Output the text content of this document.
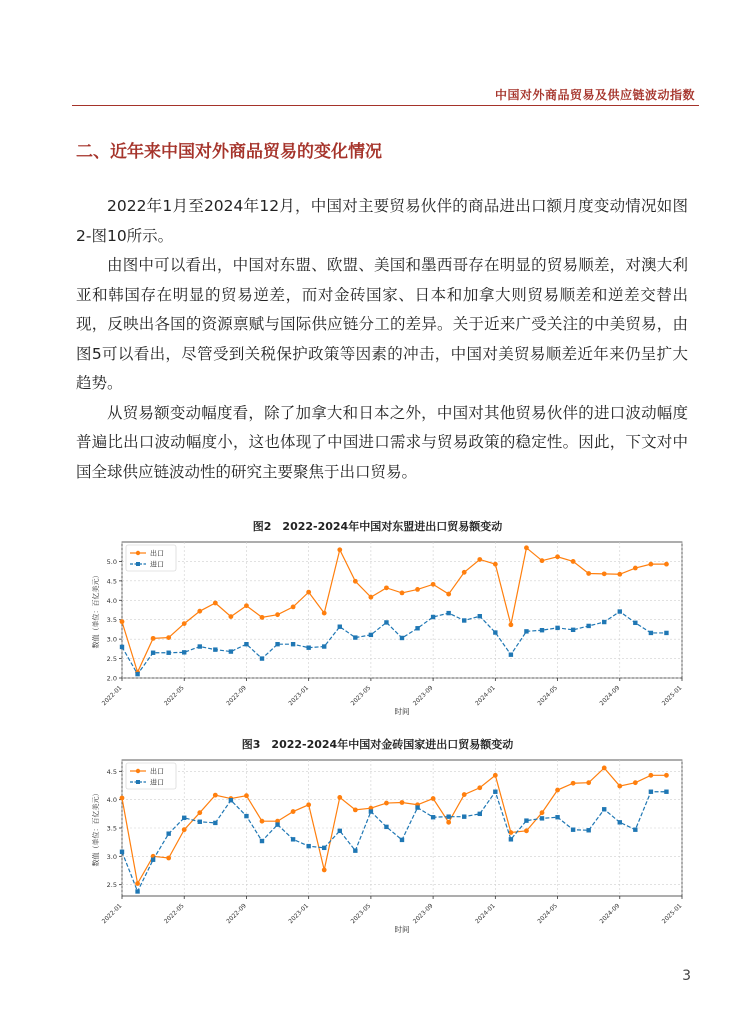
中国对外商品贸易及供应链波动指数
二、近年来中国对外商品贸易的变化情况

2022年1月至2024年12月，中国对主要贸易伙伴的商品进出口额月度变动情况如图2-图10所示。

由图中可以看出，中国对东盟、欧盟、美国和墨西哥存在明显的贸易顺差，对澳大利亚和韩国存在明显的贸易逆差，而对金砖国家、日本和加拿大则贸易顺差和逆差交替出现，反映出各国的资源禀赋与国际供应链分工的差异。关于近来广受关注的中美贸易，由图5可以看出，尽管受到关税保护政策等因素的冲击，中国对美贸易顺差近年来仍呈扩大趋势。

从贸易额变动幅度看，除了加拿大和日本之外，中国对其他贸易伙伴的进口波动幅度普遍比出口波动幅度小，这也体现了中国进口需求与贸易政策的稳定性。因此，下文对中国全球供应链波动性的研究主要聚焦于出口贸易。

图2　2022-2024年中国对东盟进出口贸易额变动
2.0
2.5
3.0
3.5
4.0
4.5
5.0
2022-01	2022-05	2022-09	2023-01	2023-05	2023-09	2024-01	2024-05	2024-09	2025-01
时间
数值（单位：百亿美元）
出口
进口
图3　2022-2024年中国对金砖国家进出口贸易额变动
2.5
3.0
3.5
4.0
4.5
2022-01	2022-05	2022-09	2023-01	2023-05	2023-09	2024-01	2024-05	2024-09	2025-01
时间
数值（单位：百亿美元）
出口
进口
3
